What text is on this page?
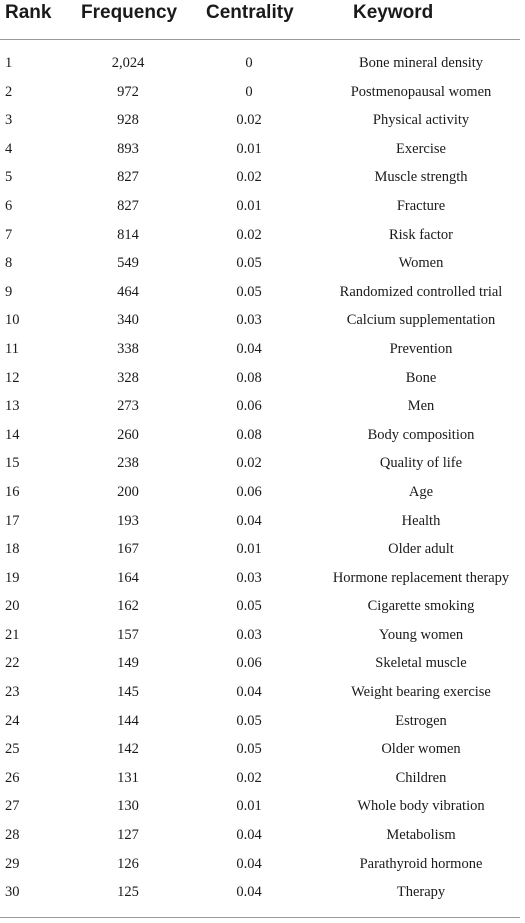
Rank Frequency Centrality	Keyword
1	2,024	0	Bone mineral density
2	972	0	Postmenopausal women
3	928	0.02	Physical activity
4	893	0.01	Exercise
5	827	0.02	Muscle strength
6	827	0.01	Fracture
7	814	0.02	Risk factor
8	549	0.05	Women
9	464	0.05	Randomized controlled trial
10	340	0.03	Calcium supplementation
11	338	0.04	Prevention
12	328	0.08	Bone
13	273	0.06	Men
14	260	0.08	Body composition
15	238	0.02	Quality of life
16	200	0.06	Age
17	193	0.04	Health
18	167	0.01	Older adult
19	164	0.03	Hormone replacement therapy
20	162	0.05	Cigarette smoking
21	157	0.03	Young women
22	149	0.06	Skeletal muscle
23	145	0.04	Weight bearing exercise
24	144	0.05	Estrogen
25	142	0.05	Older women
26	131	0.02	Children
27	130	0.01	Whole body vibration
28	127	0.04	Metabolism
29	126	0.04	Parathyroid hormone
30	125	0.04	Therapy
